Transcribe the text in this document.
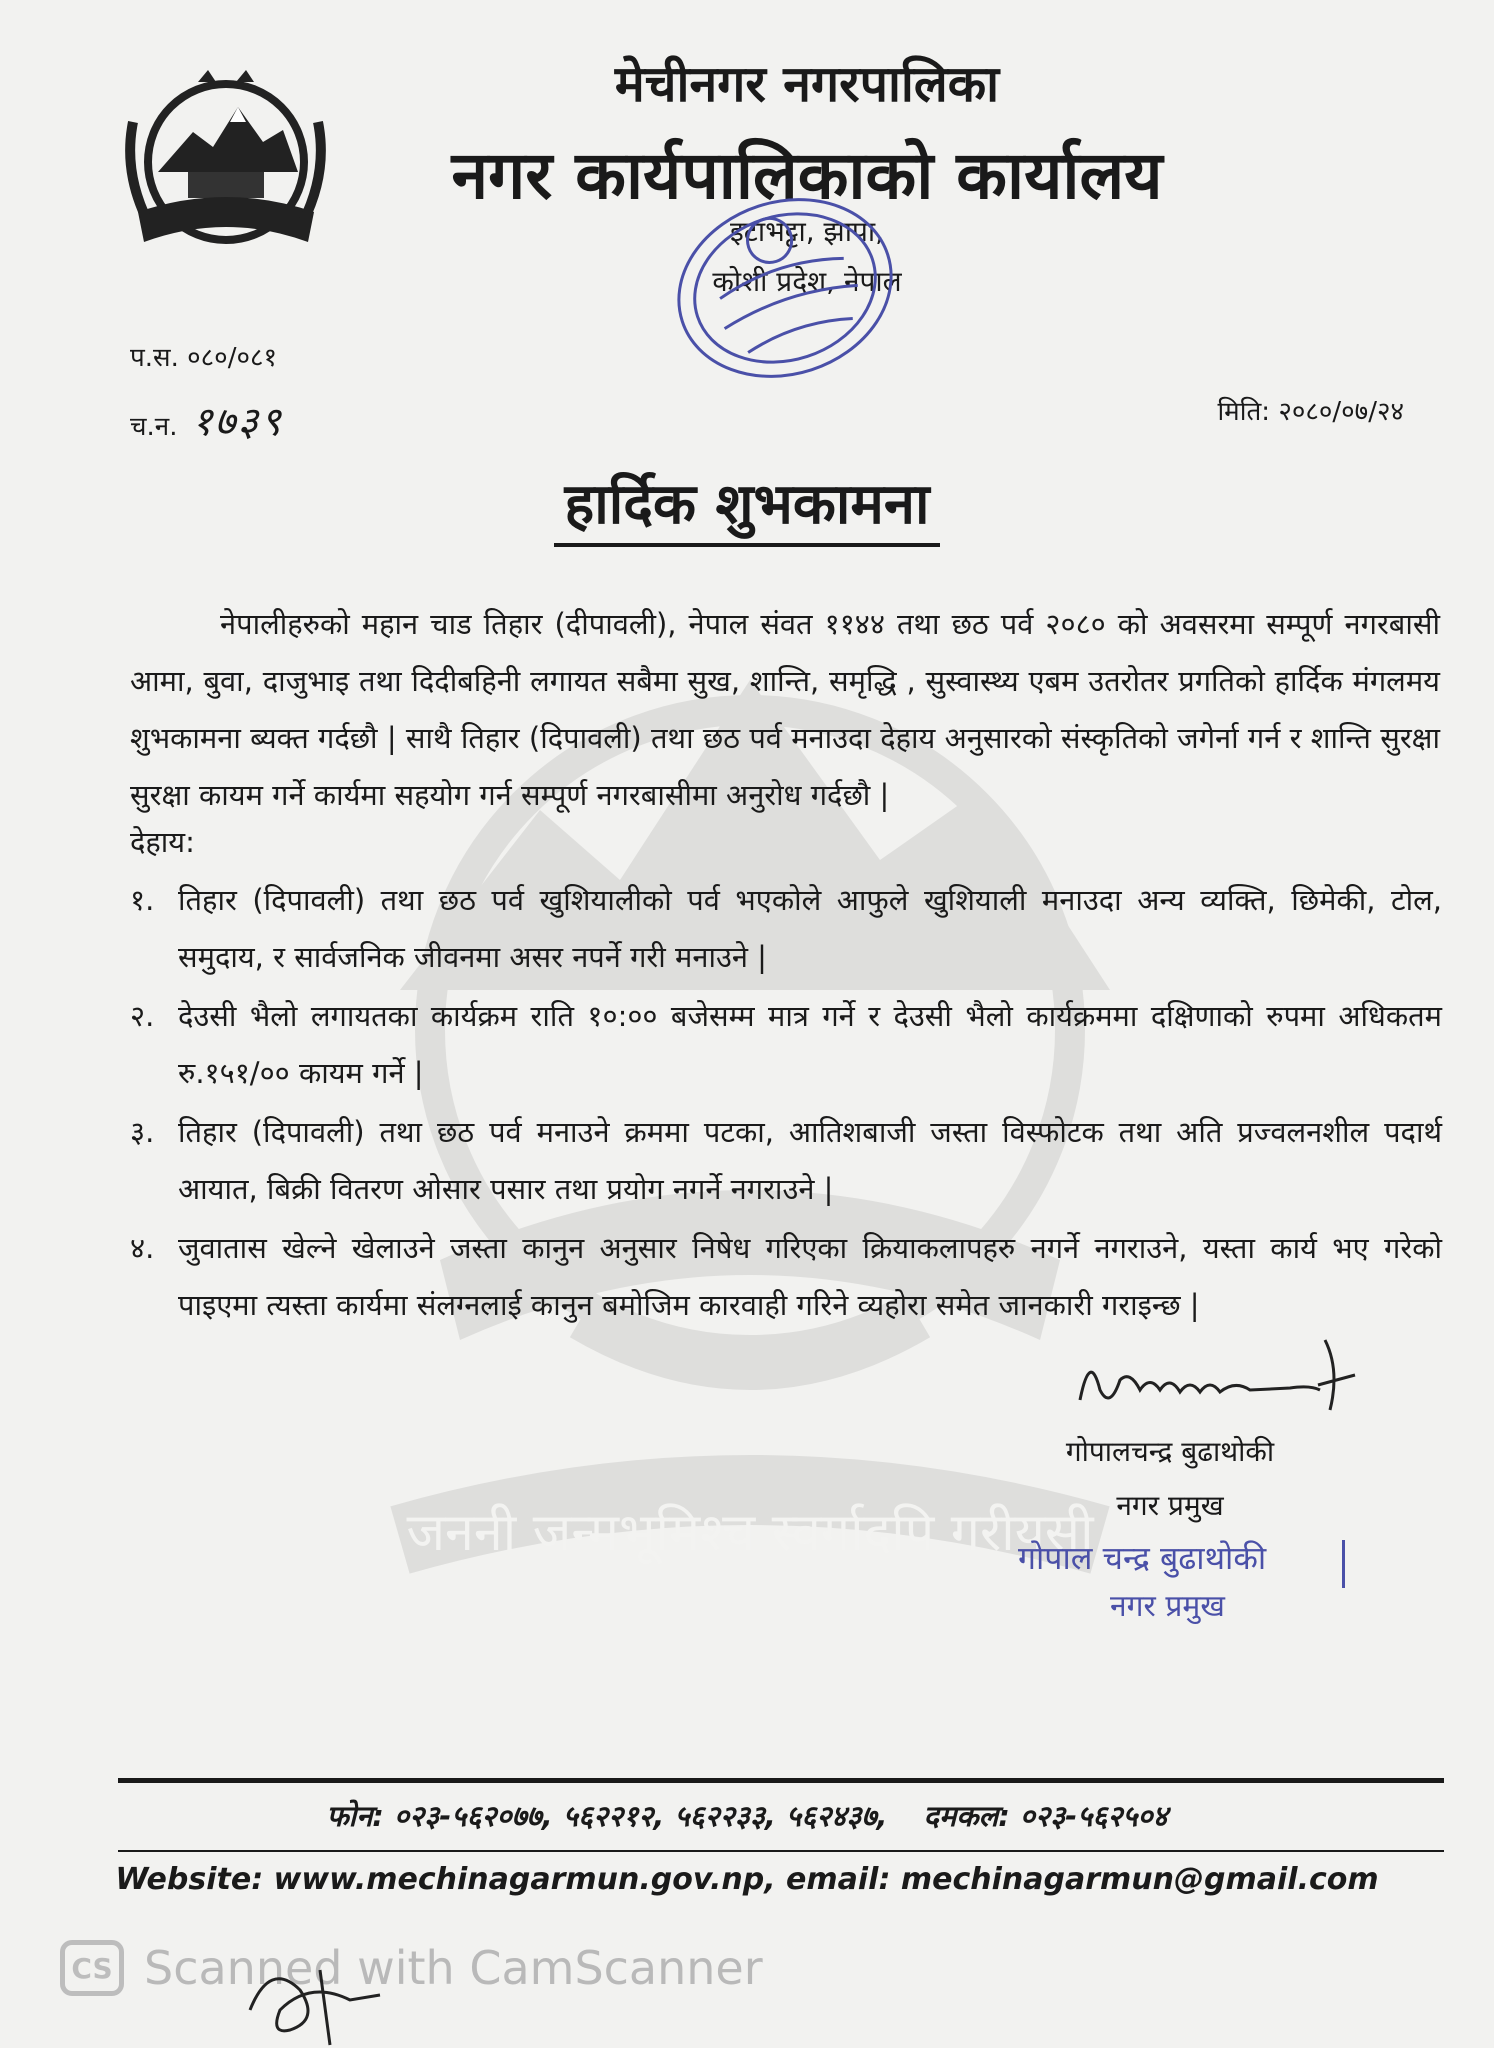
जननी जन्मभूमिश्च स्वर्गादपि गरीयसी
मेचीनगर नगरपालिका
नगर कार्यपालिकाको कार्यालय
इटाभट्टा, झापा,
कोशी प्रदेश, नेपाल
प.स. ०८०/०८१
च.न. १७३९	मिति: २०८०/०७/२४
हार्दिक शुभकामना
नेपालीहरुको महान चाड तिहार (दीपावली), नेपाल संवत ११४४ तथा छठ पर्व २०८० को अवसरमा सम्पूर्ण नगरबासी आमा, बुवा, दाजुभाइ तथा दिदीबहिनी लगायत सबैमा सुख, शान्ति, समृद्धि , सुस्वास्थ्य एबम उतरोतर प्रगतिको हार्दिक मंगलमय शुभकामना ब्यक्त गर्दछौ | साथै तिहार (दिपावली) तथा छठ पर्व मनाउदा देहाय अनुसारको संस्कृतिको जगेर्ना गर्न र शान्ति सुरक्षा सुरक्षा कायम गर्ने कार्यमा सहयोग गर्न सम्पूर्ण नगरबासीमा अनुरोध गर्दछौ |
देहाय:
१. तिहार (दिपावली) तथा छठ पर्व खुशियालीको पर्व भएकोले आफुले खुशियाली मनाउदा अन्य व्यक्ति, छिमेकी, टोल, समुदाय, र सार्वजनिक जीवनमा असर नपर्ने गरी मनाउने |
२. देउसी भैलो लगायतका कार्यक्रम राति १०:०० बजेसम्म मात्र गर्ने र देउसी भैलो कार्यक्रममा दक्षिणाको रुपमा अधिकतम रु.१५१/०० कायम गर्ने |
३. तिहार (दिपावली) तथा छठ पर्व मनाउने क्रममा पटका, आतिशबाजी जस्ता विस्फोटक तथा अति प्रज्वलनशील पदार्थ आयात, बिक्री वितरण ओसार पसार तथा प्रयोग नगर्ने नगराउने |
४. जुवातास खेल्ने खेलाउने जस्ता कानुन अनुसार निषेध गरिएका क्रियाकलापहरु नगर्ने नगराउने, यस्ता कार्य भए गरेको पाइएमा त्यस्ता कार्यमा संलग्नलाई कानुन बमोजिम कारवाही गरिने व्यहोरा समेत जानकारी गराइन्छ |
गोपालचन्द्र बुढाथोकी
नगर प्रमुख
गोपाल चन्द्र बुढाथोकी
नगर प्रमुख
फोन: ०२३-५६२०७७, ५६२२१२, ५६२२३३, ५६२४३७, दमकल: ०२३-५६२५०४
Website: www.mechinagarmun.gov.np, email: mechinagarmun@gmail.com
CS Scanned with CamScanner
